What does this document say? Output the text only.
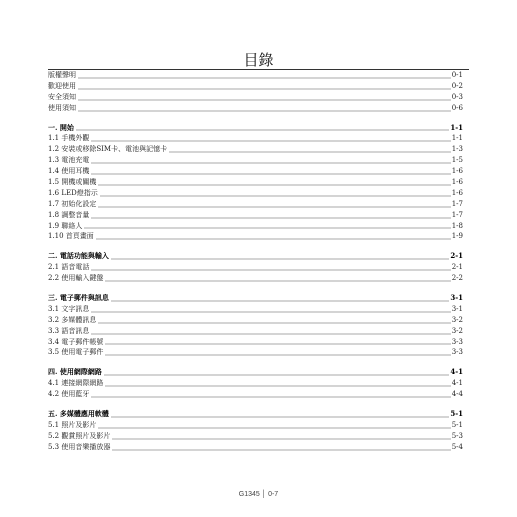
目錄
版權聲明	0-1
歡迎使用	0-2
安全須知	0-3
使用須知	0-6
一. 開始	1-1
1.1 手機外觀	1-1
1.2 安裝或移除SIM卡、電池與記憶卡	1-3
1.3 電池充電	1-5
1.4 使用耳機	1-6
1.5 開機或關機	1-6
1.6 LED燈指示	1-6
1.7 初始化設定	1-7
1.8 調整音量	1-7
1.9 聯絡人	1-8
1.10 首頁畫面	1-9
二. 電話功能與輸入	2-1
2.1 語音電話	2-1
2.2 使用輸入鍵盤	2-2
三. 電子郵件與訊息	3-1
3.1 文字訊息	3-1
3.2 多媒體訊息	3-2
3.3 語音訊息	3-2
3.4 電子郵件帳號	3-3
3.5 使用電子郵件	3-3
四. 使用網際網路	4-1
4.1 連接網際網路	4-1
4.2 使用藍牙	4-4
五. 多媒體應用軟體	5-1
5.1 照片及影片	5-1
5.2 觀賞照片及影片	5-3
5.3 使用音樂播放器	5-4
G1345 │ 0-7
